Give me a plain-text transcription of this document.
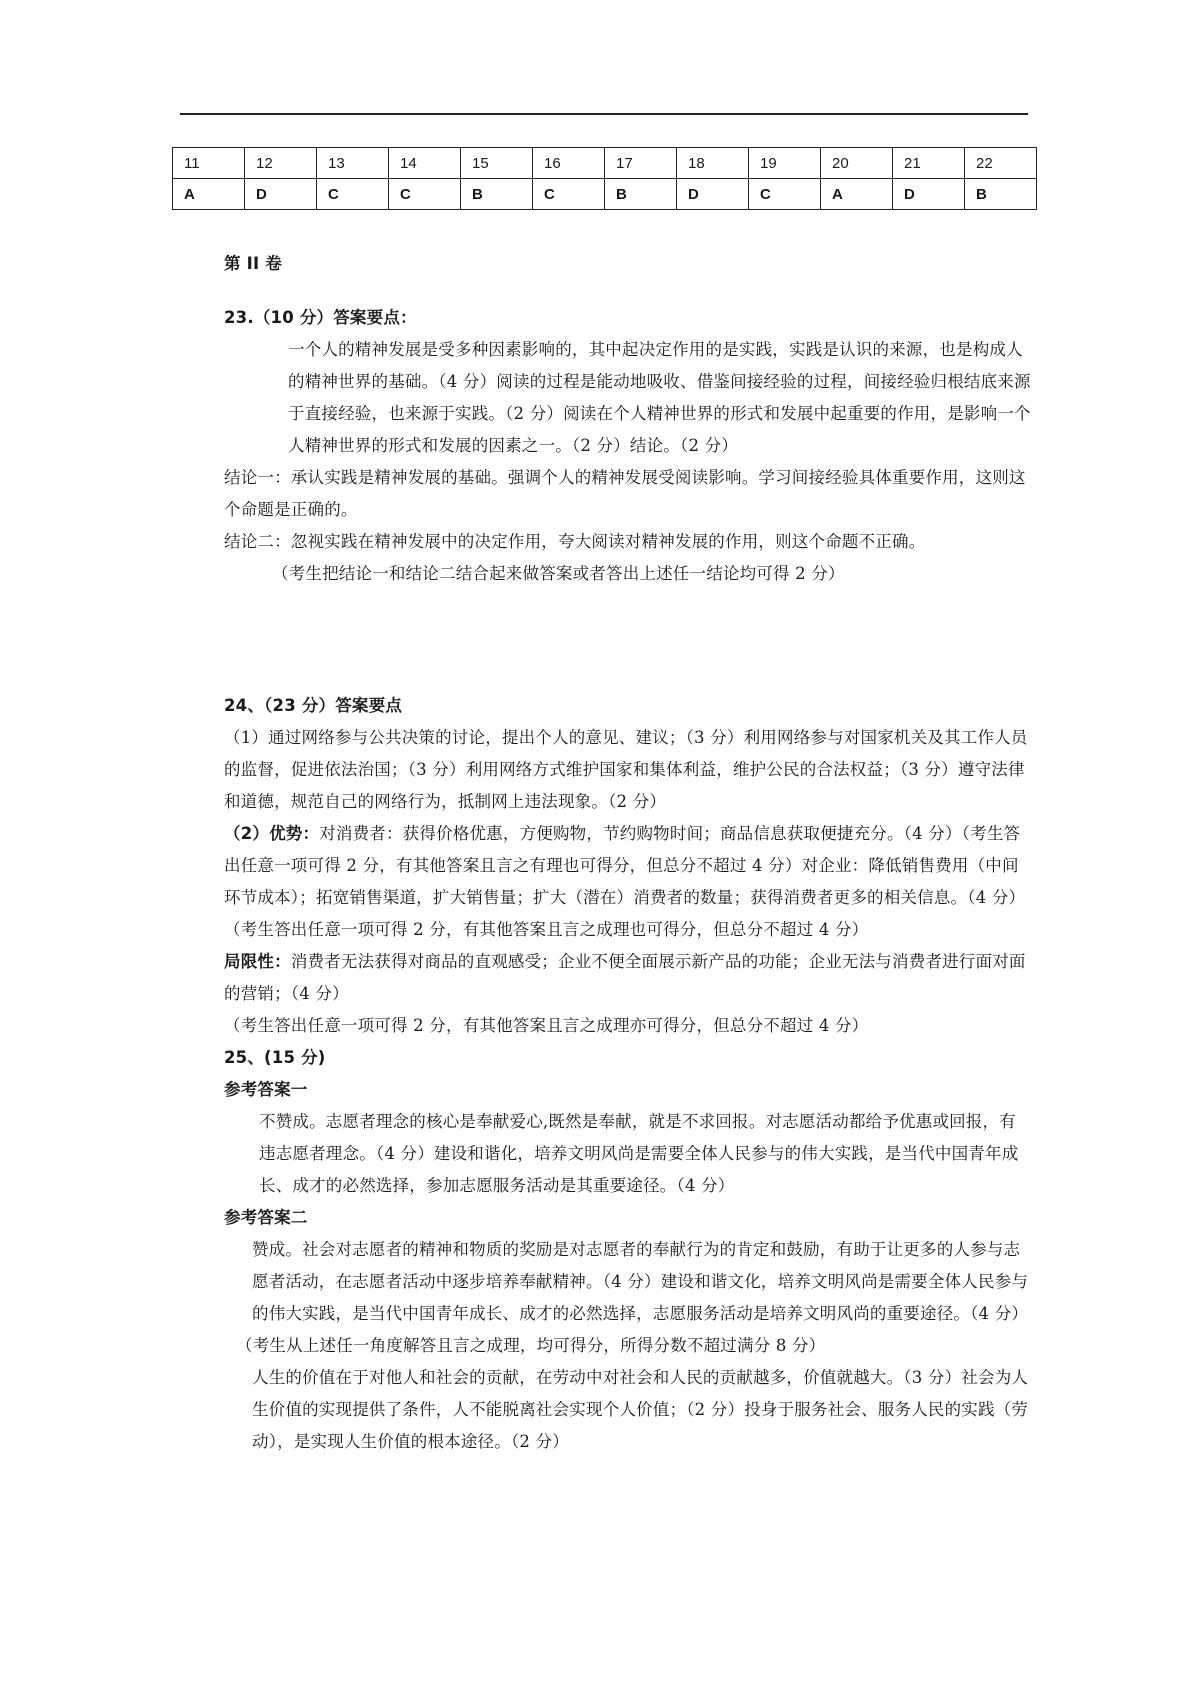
11	12	13	14	15	16	17	18	19	20	21	22
A	D	C	C	B	C	B	D	C	A	D	B

第 II 卷

23.（10 分）答案要点：

一个人的精神发展是受多种因素影响的，其中起决定作用的是实践，实践是认识的来源，也是构成人的精神世界的基础。（4 分）阅读的过程是能动地吸收、借鉴间接经验的过程，间接经验归根结底来源于直接经验，也来源于实践。（2 分）阅读在个人精神世界的形式和发展中起重要的作用，是影响一个人精神世界的形式和发展的因素之一。（2 分）结论。（2 分）

结论一：承认实践是精神发展的基础。强调个人的精神发展受阅读影响。学习间接经验具体重要作用，这则这个命题是正确的。

结论二：忽视实践在精神发展中的决定作用，夸大阅读对精神发展的作用，则这个命题不正确。

（考生把结论一和结论二结合起来做答案或者答出上述任一结论均可得 2 分）

24、（23 分）答案要点

（1）通过网络参与公共决策的讨论，提出个人的意见、建议；（3 分）利用网络参与对国家机关及其工作人员的监督，促进依法治国；（3 分）利用网络方式维护国家和集体利益，维护公民的合法权益；（3 分）遵守法律和道德，规范自己的网络行为，抵制网上违法现象。（2 分）

（2）优势：对消费者：获得价格优惠，方便购物，节约购物时间；商品信息获取便捷充分。（4 分）（考生答出任意一项可得 2 分，有其他答案且言之有理也可得分，但总分不超过 4 分）对企业：降低销售费用（中间环节成本）；拓宽销售渠道，扩大销售量；扩大（潜在）消费者的数量；获得消费者更多的相关信息。（4 分）

（考生答出任意一项可得 2 分，有其他答案且言之成理也可得分，但总分不超过 4 分）

局限性：消费者无法获得对商品的直观感受；企业不便全面展示新产品的功能；企业无法与消费者进行面对面的营销；（4 分）

（考生答出任意一项可得 2 分，有其他答案且言之成理亦可得分，但总分不超过 4 分）

25、(15 分)

参考答案一

不赞成。志愿者理念的核心是奉献爱心,既然是奉献，就是不求回报。对志愿活动都给予优惠或回报，有违志愿者理念。（4 分）建设和谐化，培养文明风尚是需要全体人民参与的伟大实践，是当代中国青年成长、成才的必然选择，参加志愿服务活动是其重要途径。（4 分）

参考答案二

赞成。社会对志愿者的精神和物质的奖励是对志愿者的奉献行为的肯定和鼓励，有助于让更多的人参与志愿者活动，在志愿者活动中逐步培养奉献精神。（4 分）建设和谐文化，培养文明风尚是需要全体人民参与的伟大实践，是当代中国青年成长、成才的必然选择，志愿服务活动是培养文明风尚的重要途径。（4 分）

（考生从上述任一角度解答且言之成理，均可得分，所得分数不超过满分 8 分）

人生的价值在于对他人和社会的贡献，在劳动中对社会和人民的贡献越多，价值就越大。（3 分）社会为人生价值的实现提供了条件，人不能脱离社会实现个人价值；（2 分）投身于服务社会、服务人民的实践（劳动），是实现人生价值的根本途径。（2 分）
